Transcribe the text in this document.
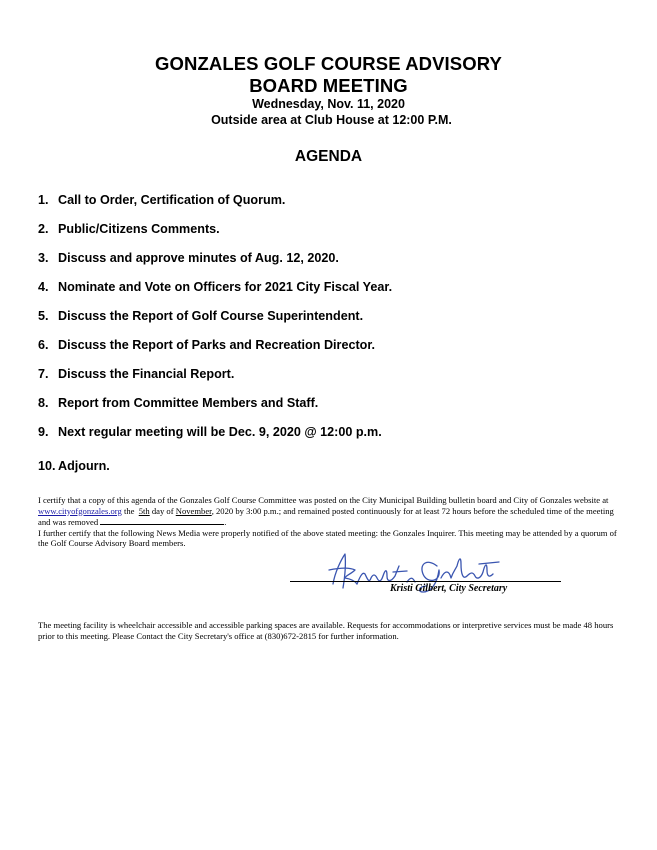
GONZALES GOLF COURSE ADVISORY
BOARD MEETING
Wednesday, Nov. 11, 2020
Outside area at Club House at 12:00 P.M.
AGENDA
1. Call to Order, Certification of Quorum.
2. Public/Citizens Comments.
3. Discuss and approve minutes of Aug. 12, 2020.
4. Nominate and Vote on Officers for 2021 City Fiscal Year.
5. Discuss the Report of Golf Course Superintendent.
6. Discuss the Report of Parks and Recreation Director.
7. Discuss the Financial Report.
8. Report from Committee Members and Staff.
9. Next regular meeting will be Dec. 9, 2020 @ 12:00 p.m.
10. Adjourn.

I certify that a copy of this agenda of the Gonzales Golf Course Committee was posted on the City Municipal Building bulletin board and City of Gonzales website at www.cityofgonzales.org the 5th day of November, 2020 by 3:00 p.m.; and remained posted continuously for at least 72 hours before the scheduled time of the meeting and was removed	.

I further certify that the following News Media were properly notified of the above stated meeting: the Gonzales Inquirer. This meeting may be attended by a quorum of the Golf Course Advisory Board members.

Kristi Gilbert, City Secretary
The meeting facility is wheelchair accessible and accessible parking spaces are available. Requests for accommodations or interpretive services must be made 48 hours prior to this meeting. Please Contact the City Secretary's office at (830)672-2815 for further information.
